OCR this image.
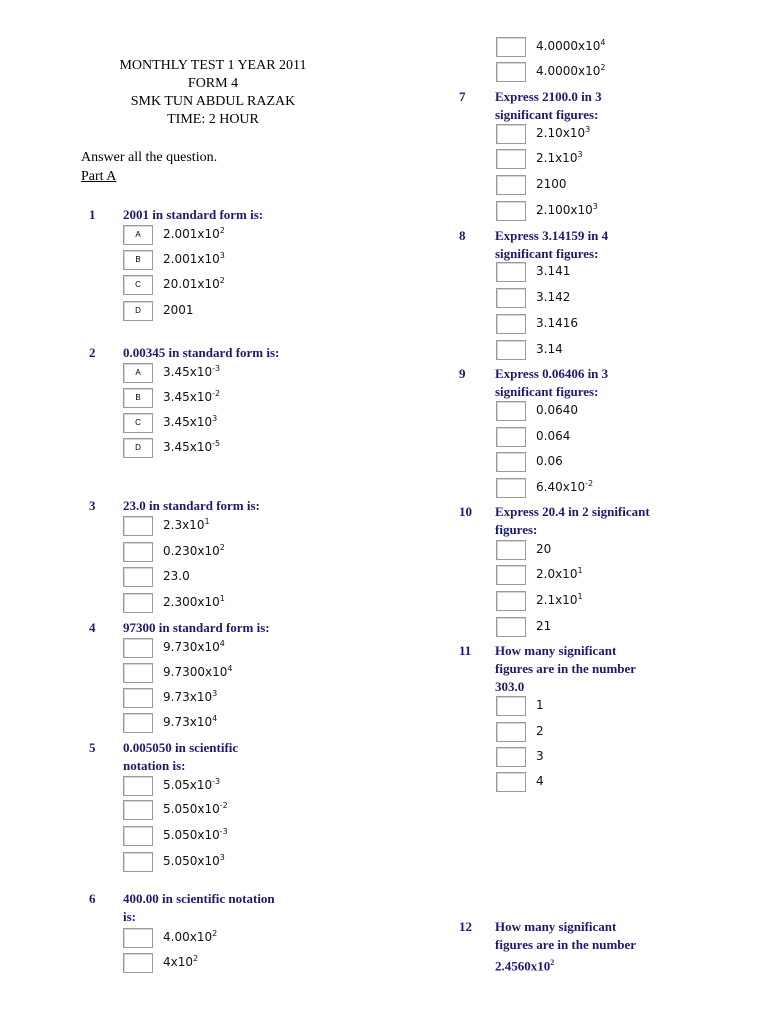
MONTHLY TEST 1 YEAR 2011
FORM 4
SMK TUN ABDUL RAZAK
TIME: 2 HOUR
Answer all the question.
Part A
$4.0000x10^4$
$4.0000x10^2$
1 2001 in standard form is:
A	$2.001x10^2$
B	$2.001x10^3$
C	$20.01x10^2$
D	2001
2 0.00345 in standard form is:
A	$3.45x10^{-3}$
B	$3.45x10^{-2}$
C	$3.45x10^3$
D	$3.45x10^{-5}$
3 23.0 in standard form is:
$2.3x10^1$
$0.230x10^2$
23.0
$2.300x10^1$
4 97300 in standard form is:
$9.730x10^4$
$9.7300x10^4$
$9.73x10^3$
$9.73x10^4$
5 0.005050 in scientific
notation is:
$5.05x10^{-3}$
$5.050x10^{-2}$
$5.050x10^{-3}$
$5.050x10^3$
6 400.00 in scientific notation
is:
$4.00x10^2$
$4x10^2$
7 Express 2100.0 in 3
significant figures:
$2.10x10^3$
$2.1x10^3$
2100
$2.100x10^3$
8 Express 3.14159 in 4
significant figures:
3.141
3.142
3.1416
3.14
9 Express 0.06406 in 3
significant figures:
0.0640
0.064
0.06
$6.40x10^{-2}$
10 Express 20.4 in 2 significant
figures:
20
$2.0x10^1$
$2.1x10^1$
21
11 How many significant
figures are in the number
303.0
1
2
3
4
12 How many significant
figures are in the number
$2.4560x10^2$
